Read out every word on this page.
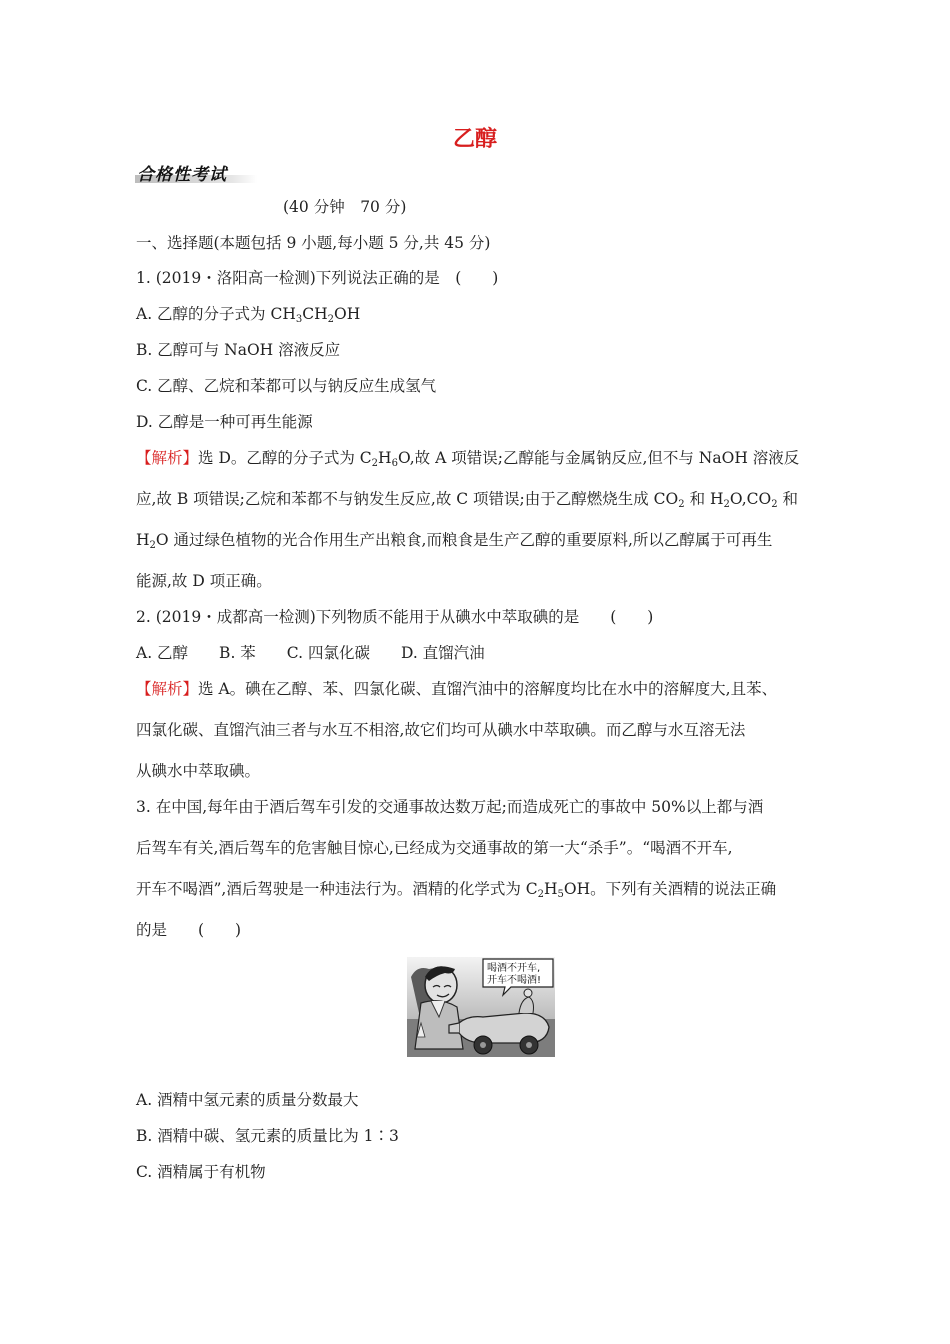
乙醇
合格性考试
(40 分钟　70 分)
一、选择题(本题包括 9 小题,每小题 5 分,共 45 分)
1. (2019・洛阳高一检测)下列说法正确的是　(　　)
A. 乙醇的分子式为 $CH_3CH_2OH$
B. 乙醇可与 NaOH 溶液反应
C. 乙醇、乙烷和苯都可以与钠反应生成氢气
D. 乙醇是一种可再生能源
【解析】选 D。乙醇的分子式为 $C_2H_6O$,故 A 项错误;乙醇能与金属钠反应,但不与 NaOH 溶液反
应,故 B 项错误;乙烷和苯都不与钠发生反应,故 C 项错误;由于乙醇燃烧生成 $CO_2$ 和 $H_2O,CO_2$ 和
$H_2O$ 通过绿色植物的光合作用生产出粮食,而粮食是生产乙醇的重要原料,所以乙醇属于可再生
能源,故 D 项正确。
2. (2019・成都高一检测)下列物质不能用于从碘水中萃取碘的是　　(　　)
A. 乙醇　　B. 苯　　C. 四氯化碳　　D. 直馏汽油
【解析】选 A。碘在乙醇、苯、四氯化碳、直馏汽油中的溶解度均比在水中的溶解度大,且苯、
四氯化碳、直馏汽油三者与水互不相溶,故它们均可从碘水中萃取碘。而乙醇与水互溶无法
从碘水中萃取碘。
3. 在中国,每年由于酒后驾车引发的交通事故达数万起;而造成死亡的事故中 50%以上都与酒
后驾车有关,酒后驾车的危害触目惊心,已经成为交通事故的第一大“杀手”。“喝酒不开车,
开车不喝酒”,酒后驾驶是一种违法行为。酒精的化学式为 $C_2H_5OH$。下列有关酒精的说法正确
的是　　(　　)
喝酒不开车,
开车不喝酒!
A. 酒精中氢元素的质量分数最大
B. 酒精中碳、氢元素的质量比为 1∶3
C. 酒精属于有机物
